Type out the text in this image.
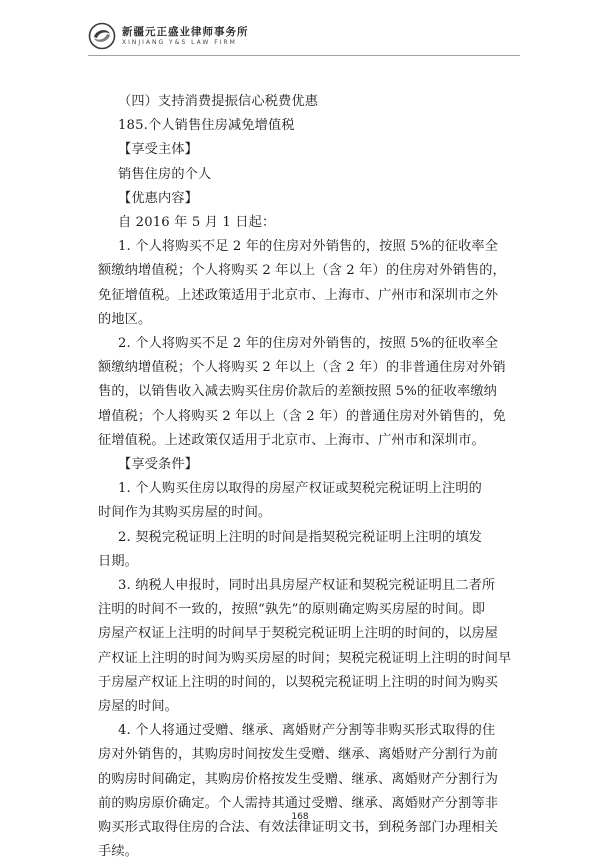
新疆元正盛业律师事务所
XINJIANG Y&S LAW FIRM
（四）支持消费提振信心税费优惠
185.个人销售住房减免增值税
【享受主体】
销售住房的个人
【优惠内容】
自 2016 年 5 月 1 日起：
1. 个人将购买不足 2 年的住房对外销售的，按照 5%的征收率全
额缴纳增值税；个人将购买 2 年以上（含 2 年）的住房对外销售的，
免征增值税。上述政策适用于北京市、上海市、广州市和深圳市之外
的地区。
2. 个人将购买不足 2 年的住房对外销售的，按照 5%的征收率全
额缴纳增值税；个人将购买 2 年以上（含 2 年）的非普通住房对外销
售的，以销售收入减去购买住房价款后的差额按照 5%的征收率缴纳
增值税；个人将购买 2 年以上（含 2 年）的普通住房对外销售的，免
征增值税。上述政策仅适用于北京市、上海市、广州市和深圳市。
【享受条件】
1. 个人购买住房以取得的房屋产权证或契税完税证明上注明的
时间作为其购买房屋的时间。
2. 契税完税证明上注明的时间是指契税完税证明上注明的填发
日期。
3. 纳税人申报时，同时出具房屋产权证和契税完税证明且二者所
注明的时间不一致的，按照“孰先”的原则确定购买房屋的时间。即
房屋产权证上注明的时间早于契税完税证明上注明的时间的，以房屋
产权证上注明的时间为购买房屋的时间；契税完税证明上注明的时间早
于房屋产权证上注明的时间的，以契税完税证明上注明的时间为购买
房屋的时间。
4. 个人将通过受赠、继承、离婚财产分割等非购买形式取得的住
房对外销售的，其购房时间按发生受赠、继承、离婚财产分割行为前
的购房时间确定，其购房价格按发生受赠、继承、离婚财产分割行为
前的购房原价确定。个人需持其通过受赠、继承、离婚财产分割等非
购买形式取得住房的合法、有效法律证明文书，到税务部门办理相关
手续。
168
